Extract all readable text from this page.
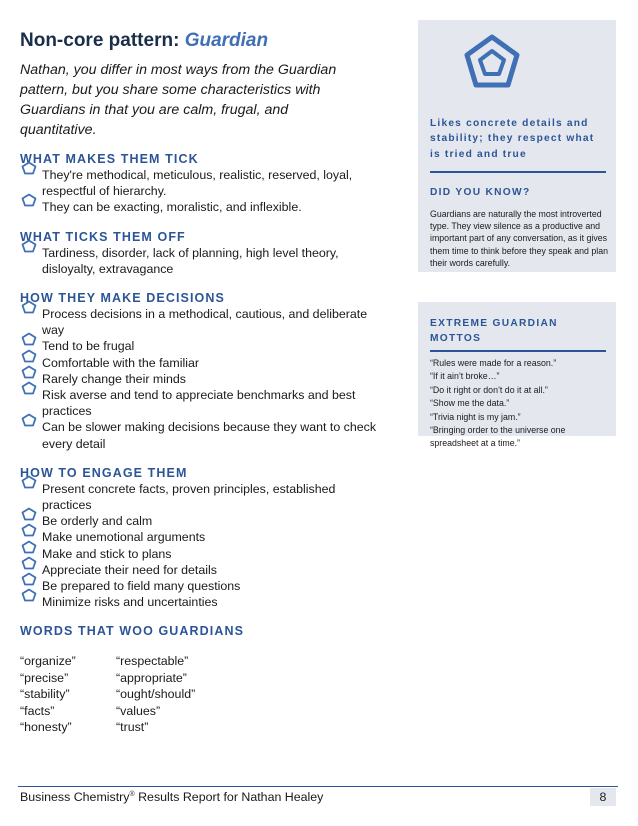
Non-core pattern: Guardian

Nathan, you differ in most ways from the Guardian pattern, but you share some characteristics with Guardians in that you are calm, frugal, and quantitative.

WHAT MAKES THEM TICK
They're methodical, meticulous, realistic, reserved, loyal, respectful of hierarchy.
They can be exacting, moralistic, and inflexible.
WHAT TICKS THEM OFF
Tardiness, disorder, lack of planning, high level theory, disloyalty, extravagance
HOW THEY MAKE DECISIONS
Process decisions in a methodical, cautious, and deliberate way
Tend to be frugal
Comfortable with the familiar
Rarely change their minds
Risk averse and tend to appreciate benchmarks and best practices
Can be slower making decisions because they want to check every detail
HOW TO ENGAGE THEM
Present concrete facts, proven principles, established practices
Be orderly and calm
Make unemotional arguments
Make and stick to plans
Appreciate their need for details
Be prepared to field many questions
Minimize risks and uncertainties
WORDS THAT WOO GUARDIANS
“organize”	“respectable”
“precise”	“appropriate”
“stability”	“ought/should”
“facts”	“values”
“honesty”	“trust”
Likes concrete details and stability; they respect what is tried and true
DID YOU KNOW?
Guardians are naturally the most introverted type. They view silence as a productive and important part of any conversation, as it gives them time to think before they speak and plan their words carefully.
EXTREME GUARDIAN MOTTOS
“Rules were made for a reason.”
“If it ain’t broke…”
“Do it right or don’t do it at all.”
“Show me the data.”
“Trivia night is my jam.”
“Bringing order to the universe one
spreadsheet at a time.”
Business Chemistry® Results Report for Nathan Healey	8
